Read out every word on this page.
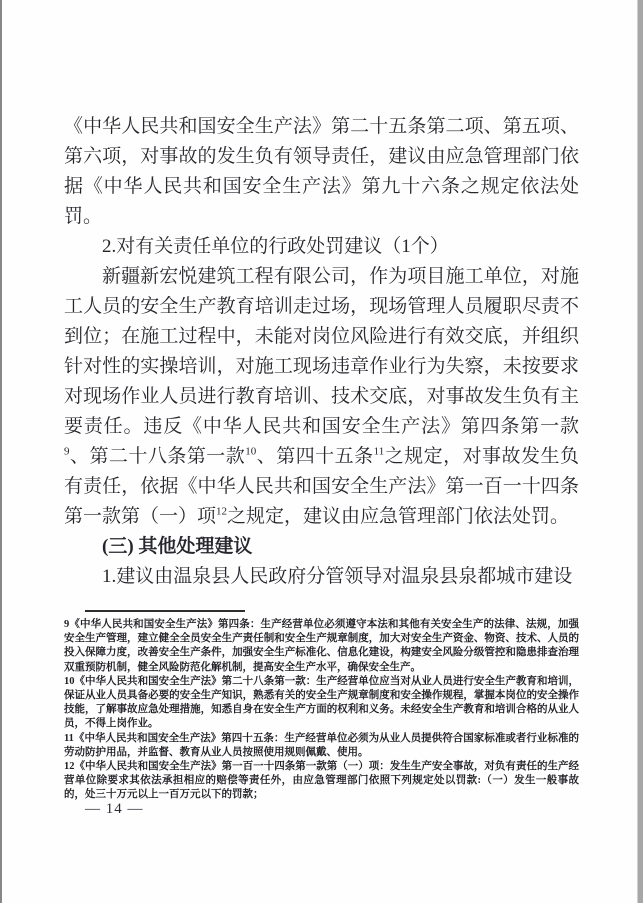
《中华人民共和国安全生产法》第二十五条第二项、第五项、第六项，对事故的发生负有领导责任，建议由应急管理部门依据《中华人民共和国安全生产法》第九十六条之规定依法处罚。

2.对有关责任单位的行政处罚建议（1个）

新疆新宏悦建筑工程有限公司，作为项目施工单位，对施工人员的安全生产教育培训走过场，现场管理人员履职尽责不到位；在施工过程中，未能对岗位风险进行有效交底，并组织针对性的实操培训，对施工现场违章作业行为失察，未按要求对现场作业人员进行教育培训、技术交底，对事故发生负有主要责任。违反《中华人民共和国安全生产法》第四条第一款$^9$、第二十八条第一款$^{10}$、第四十五条$^{11}$之规定，对事故发生负有责任，依据《中华人民共和国安全生产法》第一百一十四条第一款第（一）项$^{12}$之规定，建议由应急管理部门依法处罚。

(三) 其他处理建议

1.建议由温泉县人民政府分管领导对温泉县泉都城市建设

9《中华人民共和国安全生产法》第四条：生产经营单位必须遵守本法和其他有关安全生产的法律、法规，加强安全生产管理，建立健全全员安全生产责任制和安全生产规章制度，加大对安全生产资金、物资、技术、人员的投入保障力度，改善安全生产条件，加强安全生产标准化、信息化建设，构建安全风险分级管控和隐患排查治理双重预防机制，健全风险防范化解机制，提高安全生产水平，确保安全生产。

10《中华人民共和国安全生产法》第二十八条第一款：生产经营单位应当对从业人员进行安全生产教育和培训，保证从业人员具备必要的安全生产知识，熟悉有关的安全生产规章制度和安全操作规程，掌握本岗位的安全操作技能，了解事故应急处理措施，知悉自身在安全生产方面的权利和义务。未经安全生产教育和培训合格的从业人员，不得上岗作业。

11《中华人民共和国安全生产法》第四十五条：生产经营单位必须为从业人员提供符合国家标准或者行业标准的劳动防护用品，并监督、教育从业人员按照使用规则佩戴、使用。

12《中华人民共和国安全生产法》第一百一十四条第一款第（一）项：发生生产安全事故，对负有责任的生产经营单位除要求其依法承担相应的赔偿等责任外，由应急管理部门依照下列规定处以罚款:（一）发生一般事故的，处三十万元以上一百万元以下的罚款；

— 14 —
